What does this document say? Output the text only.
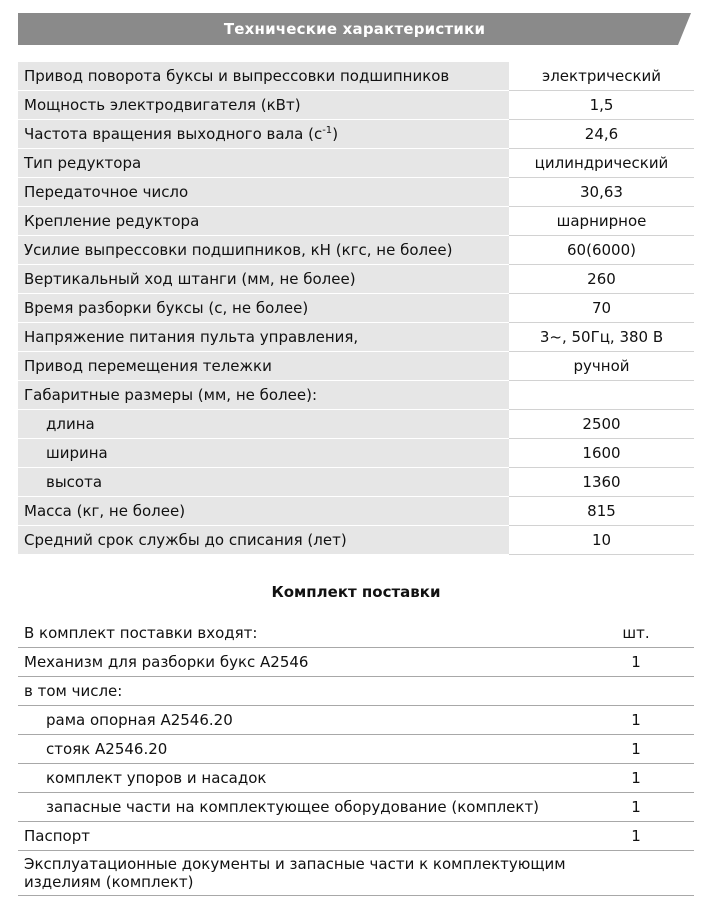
Технические характеристики
Привод поворота буксы и выпрессовки подшипников	электрический
Мощность электродвигателя (кВт)	1,5
Частота вращения выходного вала $(с^{-1})$	24,6
Тип редуктора	цилиндрический
Передаточное число	30,63
Крепление редуктора	шарнирное
Усилие выпрессовки подшипников, кН (кгс, не более)	60(6000)
Вертикальный ход штанги (мм, не более)	260
Время разборки буксы (с, не более)	70
Напряжение питания пульта управления,	3~, 50Гц, 380 В
Привод перемещения тележки	ручной
Габаритные размеры (мм, не более):	
длина	2500
ширина	1600
высота	1360
Масса (кг, не более)	815
Средний срок службы до списания (лет)	10
Комплект поставки
В комплект поставки входят:	шт.
Механизм для разборки букс А2546	1
в том числе:	
рама опорная А2546.20	1
стояк А2546.20	1
комплект упоров и насадок	1
запасные части на комплектующее оборудование (комплект)	1
Паспорт	1
Эксплуатационные документы и запасные части к комплектующим изделиям (комплект)	
